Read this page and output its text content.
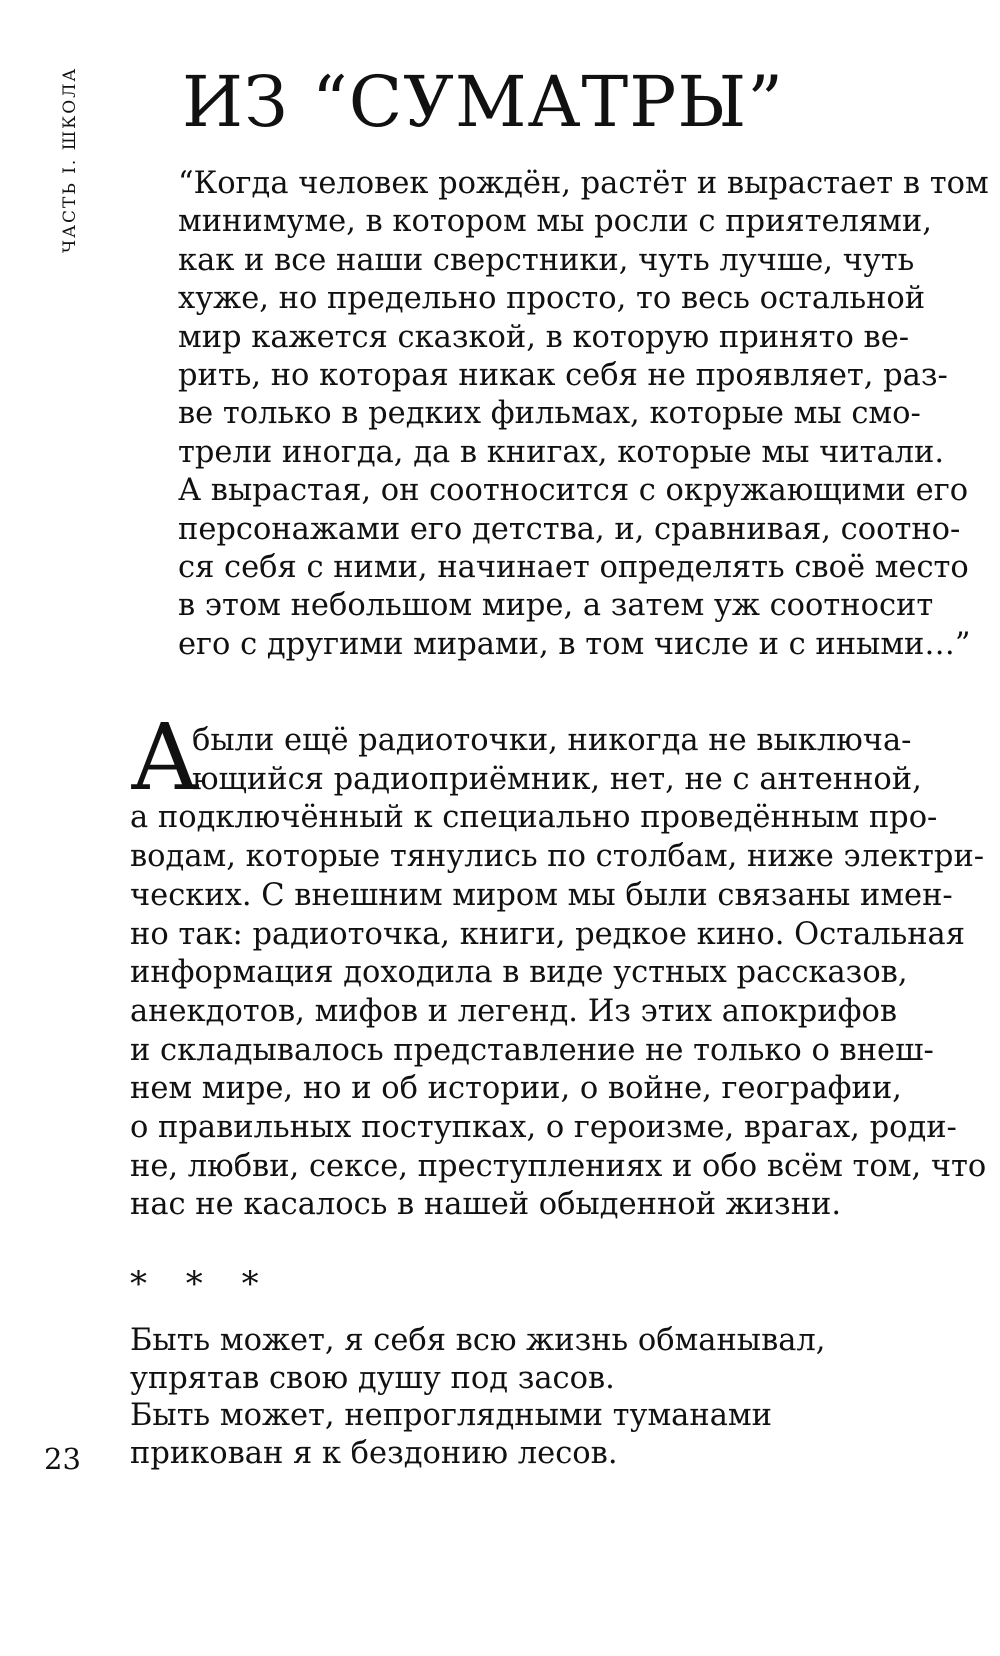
ЧАСТЬ I. ШКОЛА ИЗ “СУМАТРЫ”
“Когда человек рождён, растёт и вырастает в том
минимуме, в котором мы росли с приятелями,
как и все наши сверстники, чуть лучше, чуть
хуже, но предельно просто, то весь остальной
мир кажется сказкой, в которую принято ве-
рить, но которая никак себя не проявляет, раз-
ве только в редких фильмах, которые мы смо-
трели иногда, да в книгах, которые мы читали.
А вырастая, он соотносится с окружающими его
персонажами его детства, и, сравнивая, соотно-
ся себя с ними, начинает определять своё место
в этом небольшом мире, а затем уж соотносит
его с другими мирами, в том числе и с иными…”
А
были ещё радиоточки, никогда не выключа-
ющийся радиоприёмник, нет, не с антенной,
а подключённый к специально проведённым про-
водам, которые тянулись по столбам, ниже электри-
ческих. С внешним миром мы были связаны имен-
но так: радиоточка, книги, редкое кино. Остальная
информация доходила в виде устных рассказов,
анекдотов, мифов и легенд. Из этих апокрифов
и складывалось представление не только о внеш-
нем мире, но и об истории, о войне, географии,
о правильных поступках, о героизме, врагах, роди-
не, любви, сексе, преступлениях и обо всём том, что
нас не касалось в нашей обыденной жизни.
* * *
Быть может, я себя всю жизнь обманывал,
упрятав свою душу под засов.
Быть может, непроглядными туманами
прикован я к бездонию лесов.
23
